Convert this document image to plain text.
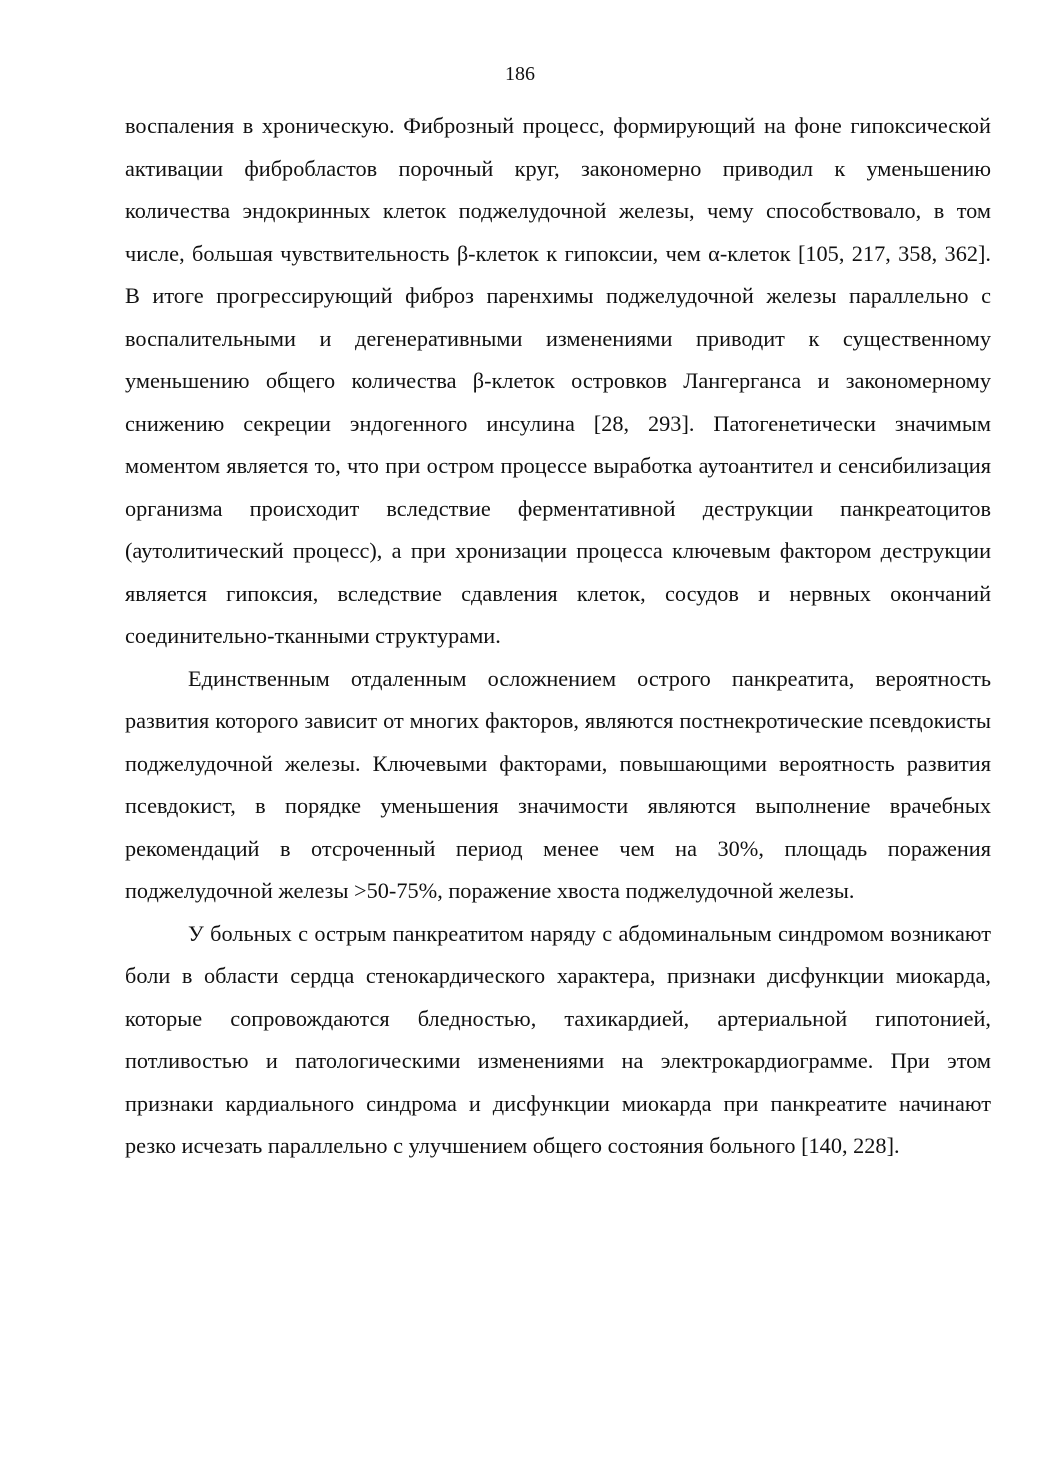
186

воспаления в хроническую. Фиброзный процесс, формирующий на фоне гипоксической активации фибробластов порочный круг, закономерно приводил к уменьшению количества эндокринных клеток поджелудочной железы, чему способствовало, в том числе, большая чувствительность β-клеток к гипоксии, чем α-клеток [105, 217, 358, 362]. В итоге прогрессирующий фиброз паренхимы поджелудочной железы параллельно с воспалительными и дегенеративными изменениями приводит к существенному уменьшению общего количества β-клеток островков Лангерганса и закономерному снижению секреции эндогенного инсулина [28, 293]. Патогенетически значимым моментом является то, что при остром процессе выработка аутоантител и сенсибилизация организма происходит вследствие ферментативной деструкции панкреатоцитов (аутолитический процесс), а при хронизации процесса ключевым фактором деструкции является гипоксия, вследствие сдавления клеток, сосудов и нервных окончаний соединительно-тканными структурами.

Единственным отдаленным осложнением острого панкреатита, вероятность развития которого зависит от многих факторов, являются постнекротические псевдокисты поджелудочной железы. Ключевыми факторами, повышающими вероятность развития псевдокист, в порядке уменьшения значимости являются выполнение врачебных рекомендаций в отсроченный период менее чем на 30%, площадь поражения поджелудочной железы >50-75%, поражение хвоста поджелудочной железы.

У больных с острым панкреатитом наряду с абдоминальным синдромом возникают боли в области сердца стенокардического характера, признаки дисфункции миокарда, которые сопровождаются бледностью, тахикардией, артериальной гипотонией, потливостью и патологическими изменениями на электрокардиограмме. При этом признаки кардиального синдрома и дисфункции миокарда при панкреатите начинают резко исчезать параллельно с улучшением общего состояния больного [140, 228].
